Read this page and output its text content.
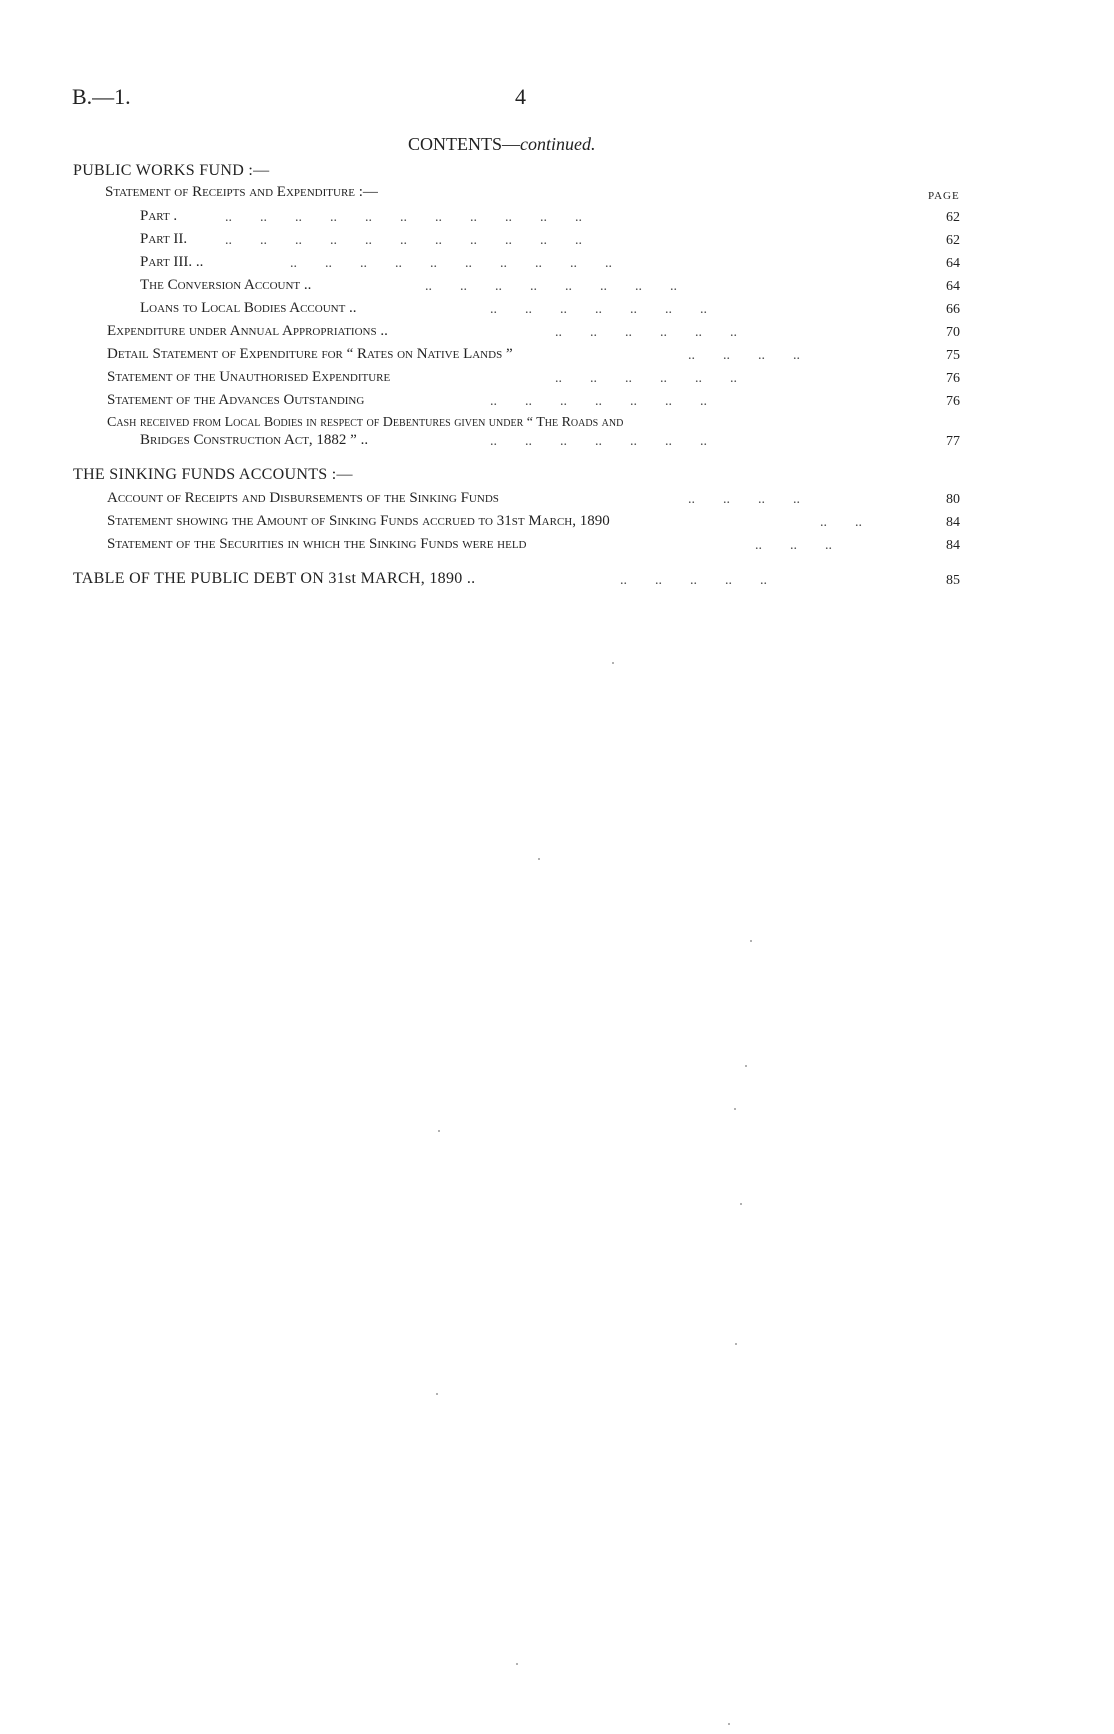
B.—1.	4
CONTENTS—continued.
PUBLIC WORKS FUND :—
Statement of Receipts and Expenditure :—	PAGE
Part .	..        ..        ..        ..        ..        ..        ..        ..        ..        ..        ..	62
Part II.	..        ..        ..        ..        ..        ..        ..        ..        ..        ..        ..	62
Part III. ..	..        ..        ..        ..        ..        ..        ..        ..        ..        ..	64
The Conversion Account ..	..        ..        ..        ..        ..        ..        ..        ..	64
Loans to Local Bodies Account ..	..        ..        ..        ..        ..        ..        ..	66
Expenditure under Annual Appropriations ..	..        ..        ..        ..        ..        ..	70
Detail Statement of Expenditure for “ Rates on Native Lands ”	..        ..        ..        ..	75
Statement of the Unauthorised Expenditure	..        ..        ..        ..        ..        ..	76
Statement of the Advances Outstanding	..        ..        ..        ..        ..        ..        ..	76
Cash received from Local Bodies in respect of Debentures given under “ The Roads and
Bridges Construction Act, 1882 ” ..	..        ..        ..        ..        ..        ..        ..	77
THE SINKING FUNDS ACCOUNTS :—
Account of Receipts and Disbursements of the Sinking Funds	..        ..        ..        ..	80
Statement showing the Amount of Sinking Funds accrued to 31st March, 1890	..        ..	84
Statement of the Securities in which the Sinking Funds were held	..        ..        ..	84
TABLE OF THE PUBLIC DEBT ON 31st MARCH, 1890 ..	..        ..        ..        ..        ..	85
